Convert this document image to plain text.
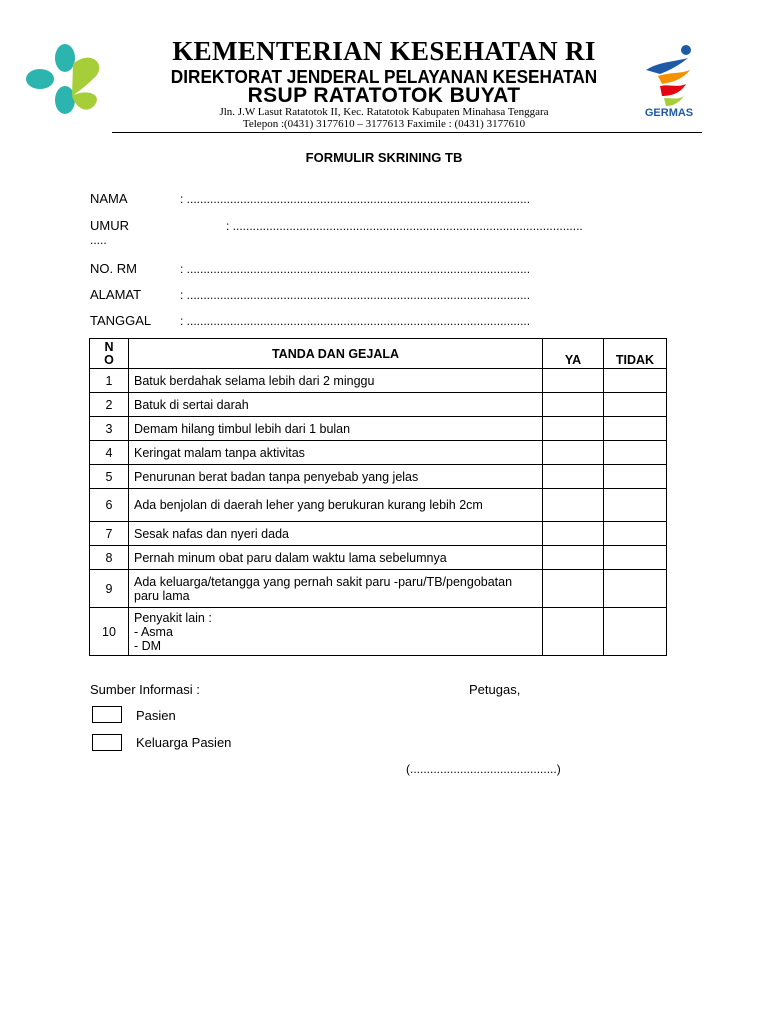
GERMAS
KEMENTERIAN KESEHATAN RI
DIREKTORAT JENDERAL PELAYANAN KESEHATAN
RSUP RATATOTOK BUYAT
Jln. J.W Lasut Ratatotok II, Kec. Ratatotok Kabupaten Minahasa Tenggara
Telepon :(0431) 3177610 – 3177613 Faximile : (0431) 3177610
FORMULIR SKRINING TB
NAMA	: .......................................................................................................
UMUR	: .........................................................................................................
.....
NO. RM	: .......................................................................................................
ALAMAT	: .......................................................................................................
TANGGAL : .......................................................................................................
N O	TANDA DAN GEJALA	YA	TIDAK
1	Batuk berdahak selama lebih dari 2 minggu		
2	Batuk di sertai darah		
3	Demam hilang timbul lebih dari 1 bulan		
4	Keringat malam tanpa aktivitas		
5	Penurunan berat badan tanpa penyebab yang jelas		
6	Ada benjolan di daerah leher yang berukuran kurang lebih 2cm		
7	Sesak nafas dan nyeri dada		
8	Pernah minum obat paru dalam waktu lama sebelumnya		
9	Ada keluarga/tetangga yang pernah sakit paru -paru/TB/pengobatan paru lama		
10	Penyakit lain :
- Asma
- DM		
Sumber Informasi :	Petugas,
Pasien
Keluarga Pasien
(............................................)
